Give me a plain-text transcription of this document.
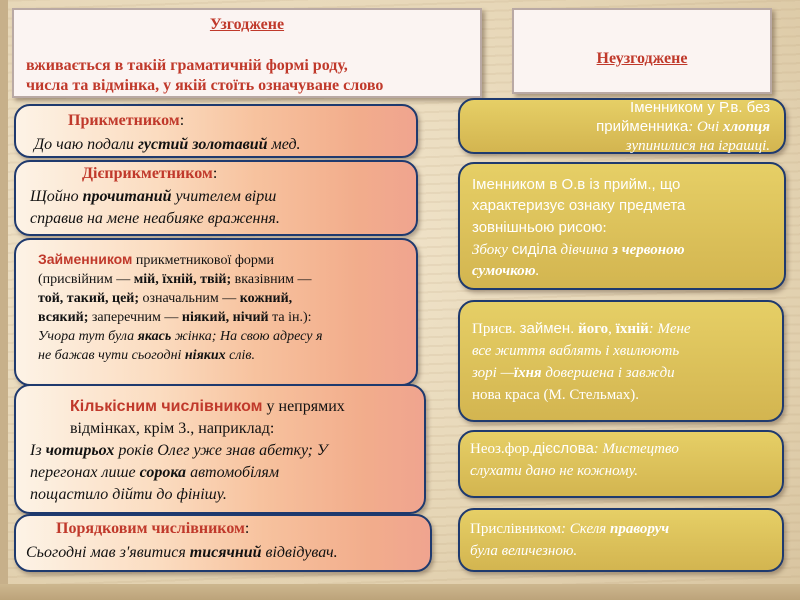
Узгоджене
вживається в такій граматичній формі роду,
числа та відмінка, у якій стоїть означуване слово
Неузгоджене
Прикметником:
До чаю подали густий золотавий мед.
Дієприкметником:
Щойно прочитаний учителем вірш
справив на мене неабияке враження.
Займенником прикметникової форми
(присвійним — мій, їхній, твій; вказівним —
той, такий, цей; означальним — кожний,
всякий; заперечним — ніякий, нічий та ін.):
Учора тут була якась жінка; На свою адресу я
не бажав чути сьогодні ніяких слів.
Кількісним числівником у непрямих
відмінках, крім 3., наприклад:
Із чотирьох років Олег уже знав абетку; У
перегонах лише сорока автомобілям
пощастило дійти до фінішу.
Порядковим числівником:
Сьогодні мав з'явитися тисячний відвідувач.
Іменником у Р.в. без
прийменника: Очі хлопця
зупинилися на іграшці.
Іменником в О.в із прийм., що
характеризує ознаку предмета
зовнішньою рисою:
Збоку сиділа дівчина з червоною
сумочкою.
Присв. займен. його, їхній: Мене
все життя ваблять і хвилюють
зорі —їхня довершена і завжди
нова краса (М. Стельмах).
Неоз.фор.дієслова: Мистецтво
слухати дано не кожному.
Прислівником: Скеля праворуч
була величезною.
